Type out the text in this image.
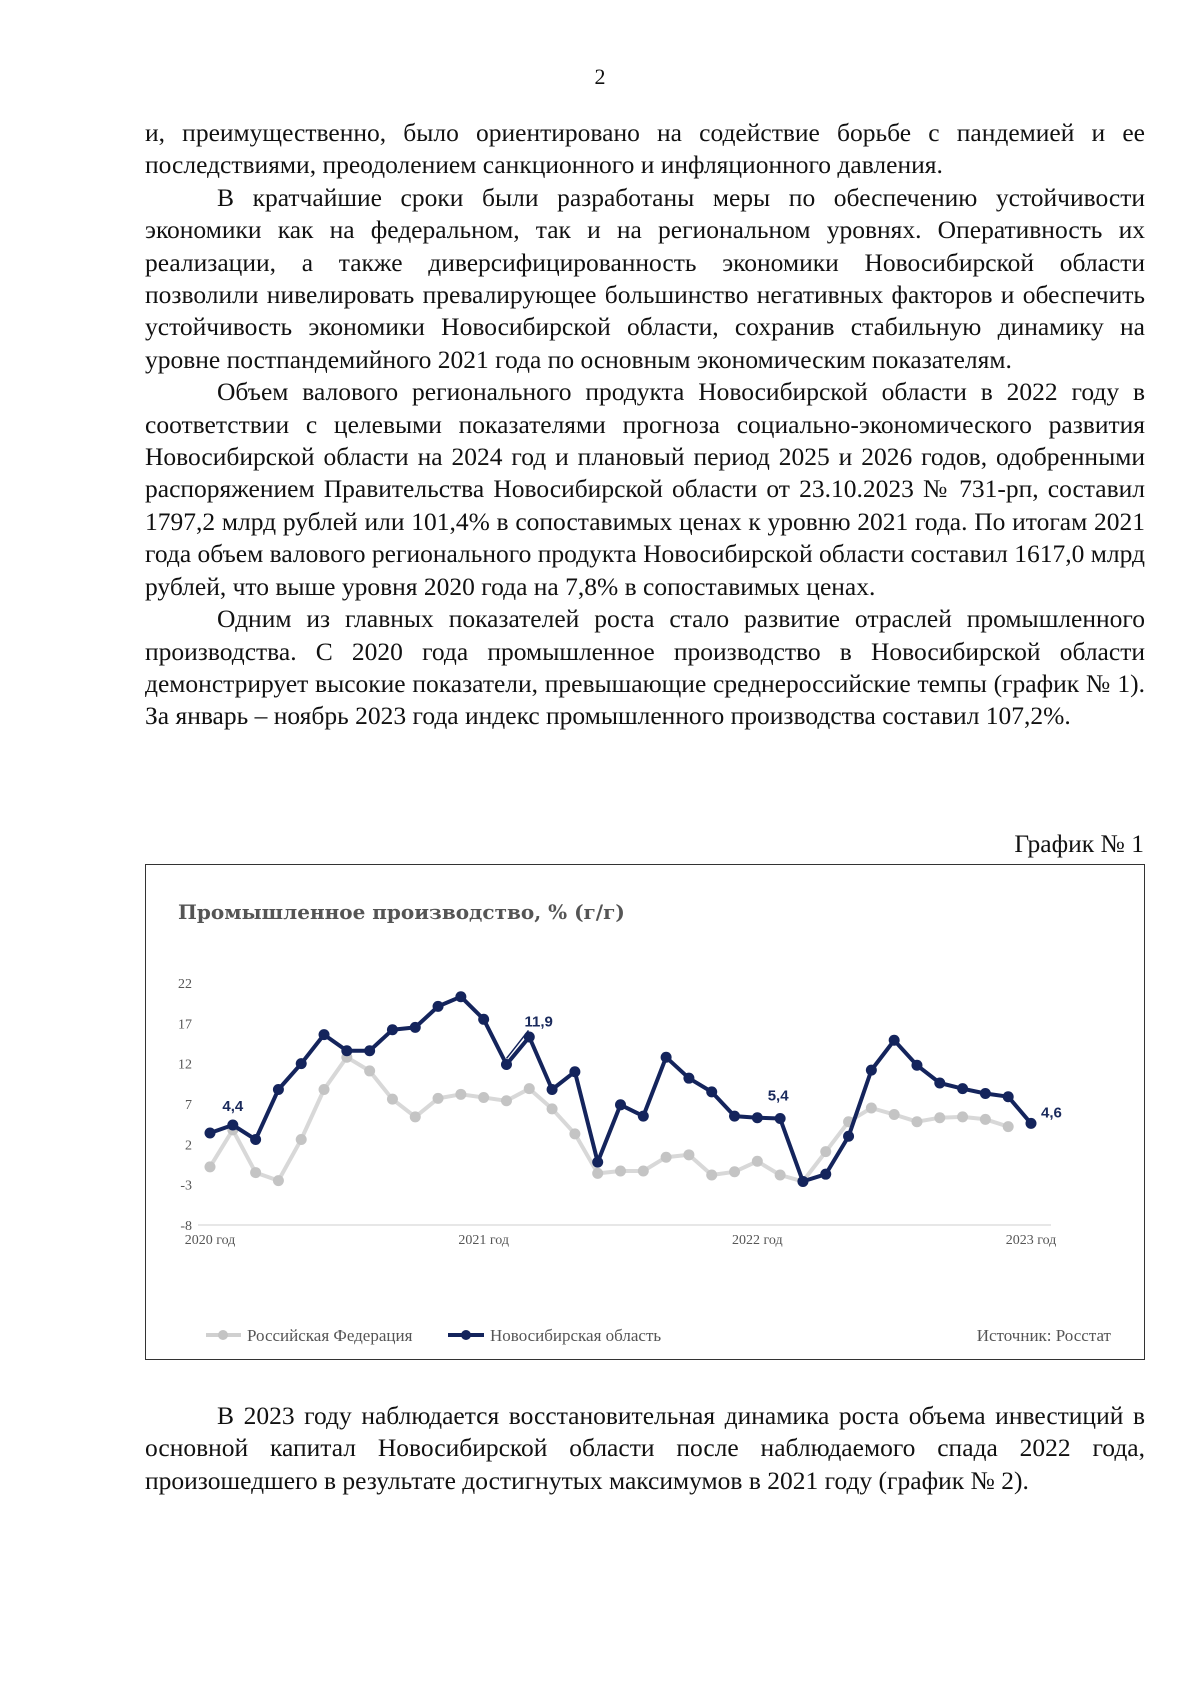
2

и, преимущественно, было ориентировано на содействие борьбе с пандемией и ее последствиями, преодолением санкционного и инфляционного давления.

В кратчайшие сроки были разработаны меры по обеспечению устойчивости экономики как на федеральном, так и на региональном уровнях. Оперативность их реализации, а также диверсифицированность экономики Новосибирской области позволили нивелировать превалирующее большинство негативных факторов и обеспечить устойчивость экономики Новосибирской области, сохранив стабильную динамику на уровне постпандемийного 2021 года по основным экономическим показателям.

Объем валового регионального продукта Новосибирской области в 2022 году в соответствии с целевыми показателями прогноза социально-экономического развития Новосибирской области на 2024 год и плановый период 2025 и 2026 годов, одобренными распоряжением Правительства Новосибирской области от 23.10.2023 № 731-рп, составил 1797,2 млрд рублей или 101,4% в сопоставимых ценах к уровню 2021 года. По итогам 2021 года объем валового регионального продукта Новосибирской области составил 1617,0 млрд рублей, что выше уровня 2020 года на 7,8% в сопоставимых ценах.

Одним из главных показателей роста стало развитие отраслей промышленного производства. С 2020 года промышленное производство в Новосибирской области демонстрирует высокие показатели, превышающие среднероссийские темпы (график № 1). За январь – ноябрь 2023 года индекс промышленного производства составил 107,2%.

График № 1
Промышленное производство, % (г/г)
22
17
12
7
2
-3
-8
2020 год	2021 год	2022 год	2023 год
4,4
11,9
5,4
4,6
Российская Федерация	Новосибирская область	Источник: Росстат

В 2023 году наблюдается восстановительная динамика роста объема инвестиций в основной капитал Новосибирской области после наблюдаемого спада 2022 года, произошедшего в результате достигнутых максимумов в 2021 году (график № 2).
